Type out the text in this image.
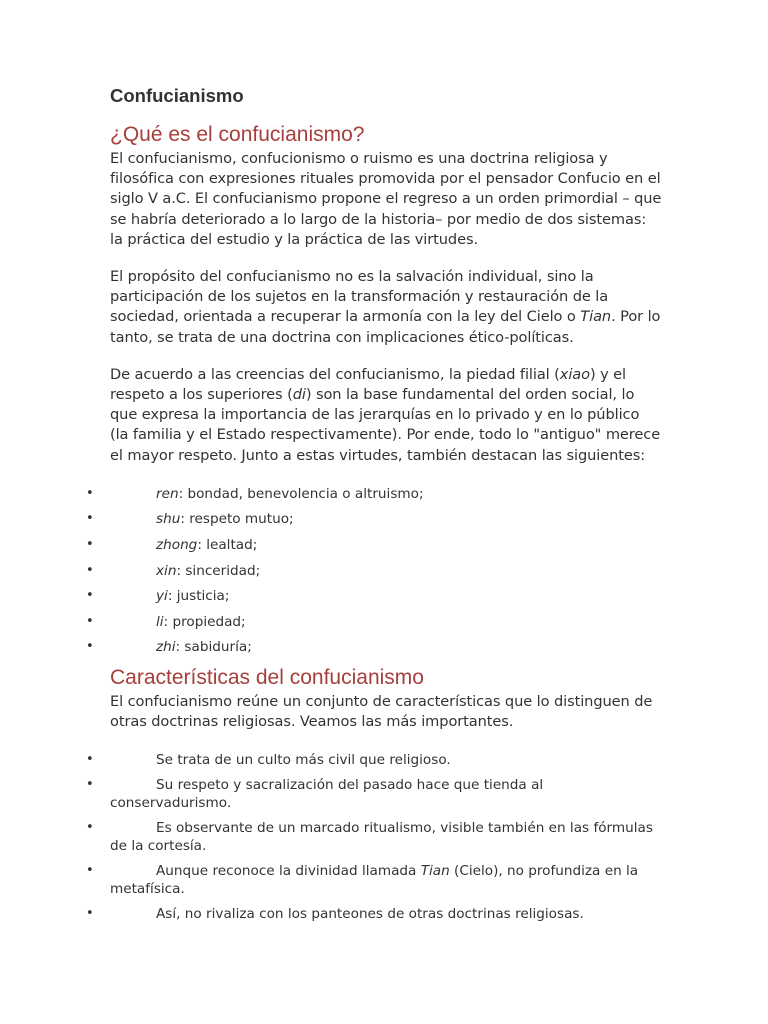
Confucianismo
¿Qué es el confucianismo?

El confucianismo, confucionismo o ruismo es una doctrina religiosa y filosófica con expresiones rituales promovida por el pensador Confucio en el siglo V a.C. El confucianismo propone el regreso a un orden primordial – que se habría deteriorado a lo largo de la historia– por medio de dos sistemas: la práctica del estudio y la práctica de las virtudes.

El propósito del confucianismo no es la salvación individual, sino la participación de los sujetos en la transformación y restauración de la sociedad, orientada a recuperar la armonía con la ley del Cielo o Tian. Por lo tanto, se trata de una doctrina con implicaciones ético-políticas.

De acuerdo a las creencias del confucianismo, la piedad filial (xiao) y el respeto a los superiores (di) son la base fundamental del orden social, lo que expresa la importancia de las jerarquías en lo privado y en lo público (la familia y el Estado respectivamente). Por ende, todo lo "antiguo" merece el mayor respeto. Junto a estas virtudes, también destacan las siguientes:

•	ren: bondad, benevolencia o altruismo;
•	shu: respeto mutuo;
•	zhong: lealtad;
•	xin: sinceridad;
•	yi: justicia;
•	li: propiedad;
•	zhi: sabiduría;
Características del confucianismo

El confucianismo reúne un conjunto de características que lo distinguen de otras doctrinas religiosas. Veamos las más importantes.

•	Se trata de un culto más civil que religioso.
•	Su respeto y sacralización del pasado hace que tienda al conservadurismo.
•	Es observante de un marcado ritualismo, visible también en las fórmulas de la cortesía.
•	Aunque reconoce la divinidad llamada Tian (Cielo), no profundiza en la metafísica.
•	Así, no rivaliza con los panteones de otras doctrinas religiosas.
